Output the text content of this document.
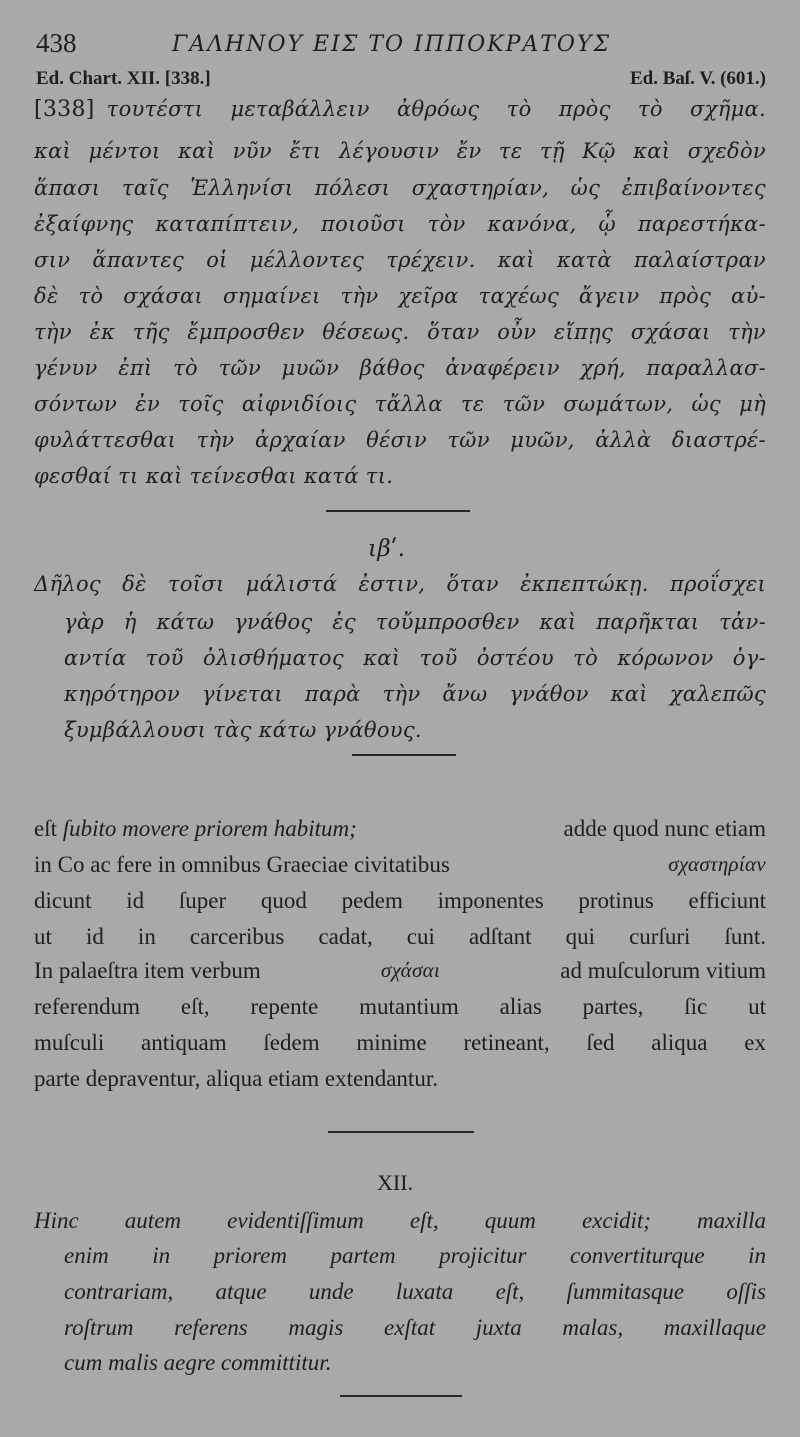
438	ΓΑΛΗΝΟΥ ΕΙΣ ΤΟ ΙΠΠΟΚΡΑΤΟΥΣ
Ed. Chart. XII. [338.]	Ed. Baſ. V. (601.)
[338] τουτέστι μεταβάλλειν ἀθρόως τὸ πρὸς τὸ σχῆμα.
καὶ μέντοι καὶ νῦν ἔτι λέγουσιν ἔν τε τῇ Κῷ καὶ σχεδὸν
ἅπασι ταῖς Ἑλληνίσι πόλεσι σχαστηρίαν, ὡς ἐπιβαίνοντες
ἐξαίφνης καταπίπτειν, ποιοῦσι τὸν κανόνα, ᾧ παρεστήκα-
σιν ἅπαντες οἱ μέλλοντες τρέχειν. καὶ κατὰ παλαίστραν
δὲ τὸ σχάσαι σημαίνει τὴν χεῖρα ταχέως ἄγειν πρὸς αὐ-
τὴν ἐκ τῆς ἔμπροσθεν θέσεως. ὅταν οὖν εἴπῃς σχάσαι τὴν
γένυν ἐπὶ τὸ τῶν μυῶν βάθος ἀναφέρειν χρή, παραλλασ-
σόντων ἐν τοῖς αἰφνιδίοις τἄλλα τε τῶν σωμάτων, ὡς μὴ
φυλάττεσθαι τὴν ἀρχαίαν θέσιν τῶν μυῶν, ἀλλὰ διαστρέ-
φεσθαί τι καὶ τείνεσθαι κατά τι.
ιβʹ.
Δῆλος δὲ τοῖσι μάλιστά ἐστιν, ὅταν ἐκπεπτώκῃ. προΐσχει
γὰρ ἡ κάτω γνάθος ἐς τοὔμπροσθεν καὶ παρῆκται τἀν-
αντία τοῦ ὀλισθήματος καὶ τοῦ ὀστέου τὸ κόρωνον ὀγ-
κηρότηρον γίνεται παρὰ τὴν ἄνω γνάθον καὶ χαλεπῶς
ξυμβάλλουσι τὰς κάτω γνάθους.
eſt ſubito movere priorem habitum;	adde quod nunc etiam
in Co ac fere in omnibus Graeciae civitatibus	σχαστηρίαν
dicunt id ſuper quod pedem imponentes protinus efficiunt
ut id in carceribus cadat, cui adſtant qui curſuri ſunt.
In palaeſtra item verbum	σχάσαι	ad muſculorum vitium
referendum eſt, repente mutantium alias partes, ſic ut
muſculi antiquam ſedem minime retineant, ſed aliqua ex
parte depraventur, aliqua etiam extendantur.
XII.
Hinc autem evidentiſſimum eſt, quum excidit; maxilla
enim in priorem partem projicitur convertiturque in
contrariam, atque unde luxata eſt, ſummitasque oſſis
roſtrum referens magis exſtat juxta malas, maxillaque
cum malis aegre committitur.
